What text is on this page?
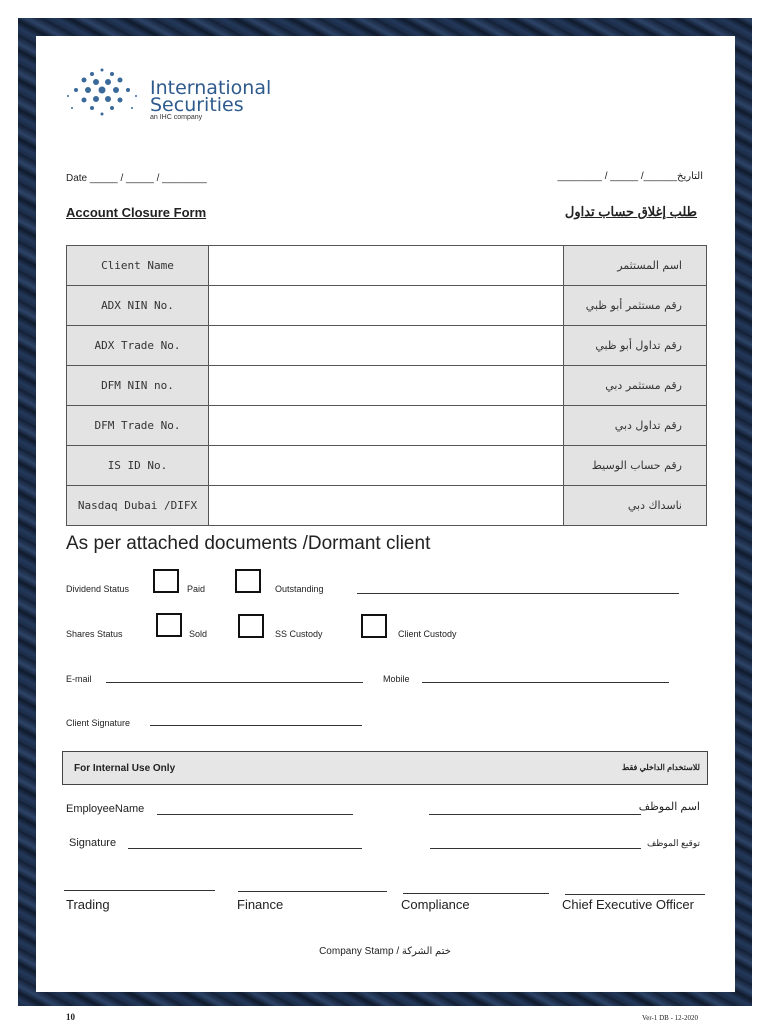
International
Securities
an IHC company
Date _____ / _____ / ________	________ / _____ /______التاريخ
Account Closure Form	طلب إغلاق حساب تداول
Client Name		اسم المستثمر
ADX NIN No.		رقم مستثمر أبو ظبي
ADX Trade No.		رقم تداول أبو ظبي
DFM NIN no.		رقم مستثمر دبي
DFM Trade No.		رقم تداول دبي
IS ID No.		رقم حساب الوسيط
Nasdaq Dubai /DIFX		ناسداك دبي
As per attached documents /Dormant client
Dividend Status	Paid	Outstanding
Shares Status	Sold	SS Custody	Client Custody
E-mail	Mobile
Client Signature
For Internal Use Only	للاستخدام الداخلي فقط
EmployeeName	اسم الموظف
Signature	توقيع الموظف
Trading	Finance	Compliance	Chief Executive Officer
Company Stamp / ختم الشركة
10	Ver-1 DB - 12-2020
